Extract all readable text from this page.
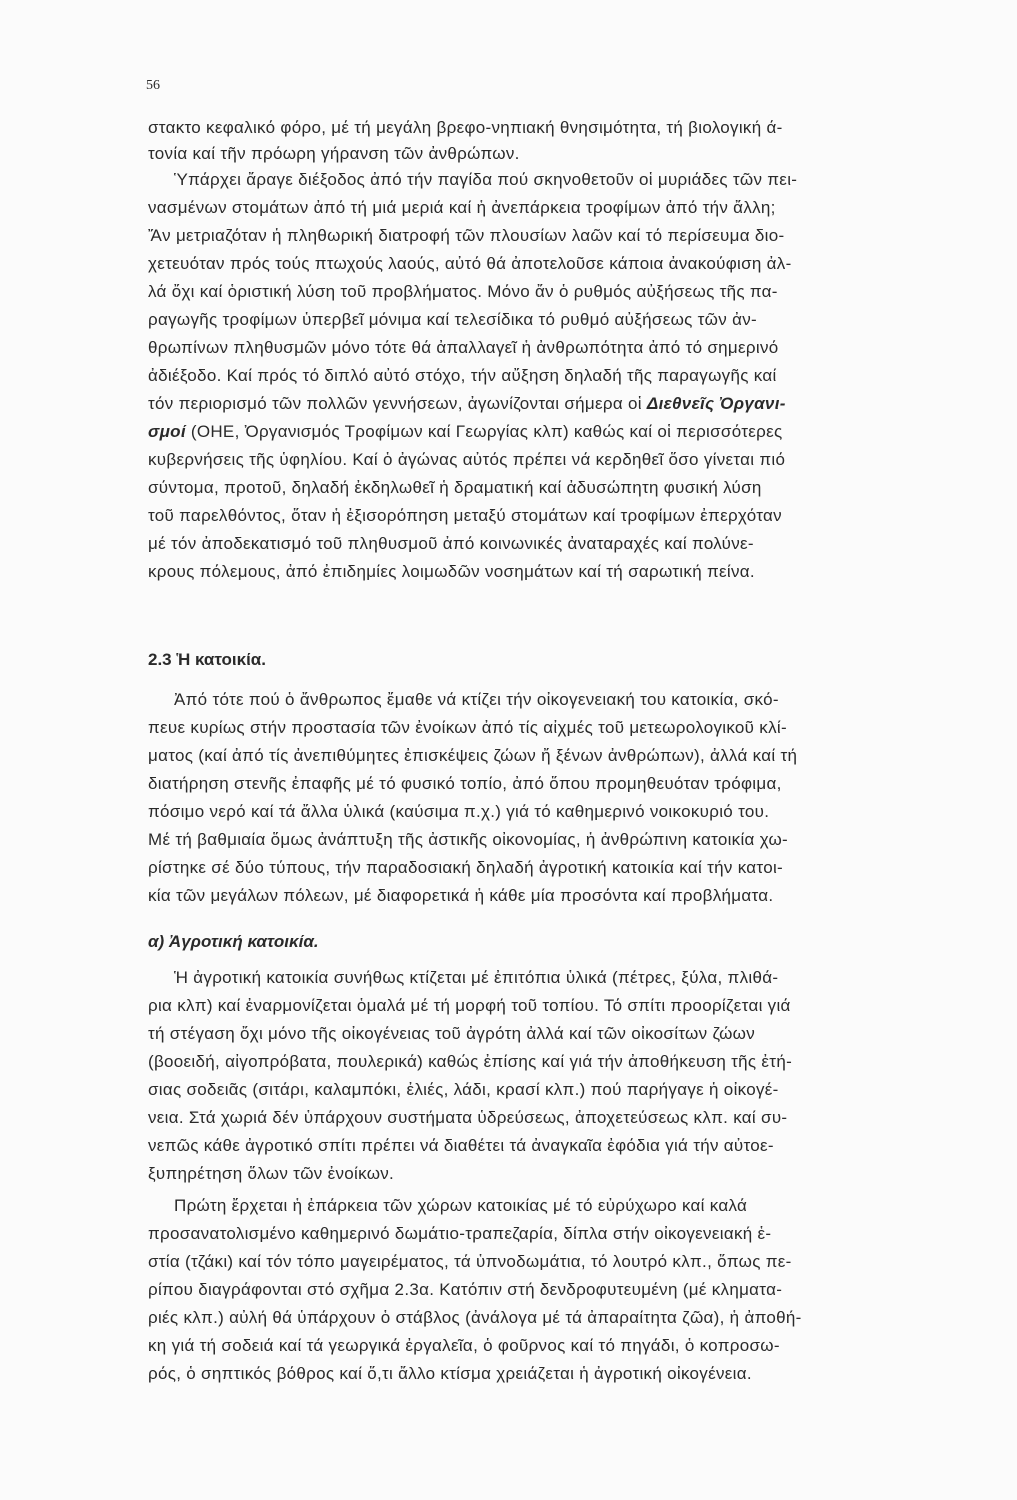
56
στακτο κεφαλικό φόρο, μέ τή μεγάλη βρεφο-νηπιακή θνησιμότητα, τή βιολογική ά-
τονία καί τῆν πρόωρη γήρανση τῶν ἀνθρώπων.
Ὑπάρχει ἄραγε διέξοδος ἀπό τήν παγίδα πού σκηνοθετοῦν οἱ μυριάδες τῶν πει-
νασμένων στομάτων ἀπό τή μιά μεριά καί ἡ ἀνεπάρκεια τροφίμων ἀπό τήν ἄλλη;
Ἄν μετριαζόταν ἡ πληθωρική διατροφή τῶν πλουσίων λαῶν καί τό περίσευμα διο-
χετευόταν πρός τούς πτωχούς λαούς, αὐτό θά ἀποτελοῦσε κάποια ἀνακούφιση ἀλ-
λά ὄχι καί ὁριστική λύση τοῦ προβλήματος. Μόνο ἄν ὁ ρυθμός αὐξήσεως τῆς πα-
ραγωγῆς τροφίμων ὑπερβεῖ μόνιμα καί τελεσίδικα τό ρυθμό αὐξήσεως τῶν ἀν-
θρωπίνων πληθυσμῶν μόνο τότε θά ἀπαλλαγεῖ ἡ ἀνθρωπότητα ἀπό τό σημερινό
ἀδιέξοδο. Καί πρός τό διπλό αὐτό στόχο, τήν αὔξηση δηλαδή τῆς παραγωγῆς καί
τόν περιορισμό τῶν πολλῶν γεννήσεων, ἀγωνίζονται σήμερα οἱ Διεθνεῖς Ὀργανι-
σμοί (ΟΗΕ, Ὀργανισμός Τροφίμων καί Γεωργίας κλπ) καθώς καί οἱ περισσότερες
κυβερνήσεις τῆς ὑφηλίου. Καί ὁ ἀγώνας αὐτός πρέπει νά κερδηθεῖ ὅσο γίνεται πιό
σύντομα, προτοῦ, δηλαδή ἐκδηλωθεῖ ἡ δραματική καί ἀδυσώπητη φυσική λύση
τοῦ παρελθόντος, ὅταν ἡ ἐξισορόπηση μεταξύ στομάτων καί τροφίμων ἐπερχόταν
μέ τόν ἀποδεκατισμό τοῦ πληθυσμοῦ ἀπό κοινωνικές ἀναταραχές καί πολύνε-
κρους πόλεμους, ἀπό ἐπιδημίες λοιμωδῶν νοσημάτων καί τή σαρωτική πείνα.
2.3 Ἡ κατοικία.
Ἀπό τότε πού ὁ ἄνθρωπος ἔμαθε νά κτίζει τήν οἰκογενειακή του κατοικία, σκό-
πευε κυρίως στήν προστασία τῶν ἐνοίκων ἀπό τίς αἰχμές τοῦ μετεωρολογικοῦ κλί-
ματος (καί ἀπό τίς ἀνεπιθύμητες ἐπισκέψεις ζώων ἤ ξένων ἀνθρώπων), ἀλλά καί τή
διατήρηση στενῆς ἐπαφῆς μέ τό φυσικό τοπίο, ἀπό ὅπου προμηθευόταν τρόφιμα,
πόσιμο νερό καί τά ἄλλα ὑλικά (καύσιμα π.χ.) γιά τό καθημερινό νοικοκυριό του.
Μέ τή βαθμιαία ὅμως ἀνάπτυξη τῆς ἀστικῆς οἰκονομίας, ἡ ἀνθρώπινη κατοικία χω-
ρίστηκε σέ δύο τύπους, τήν παραδοσιακή δηλαδή ἀγροτική κατοικία καί τήν κατοι-
κία τῶν μεγάλων πόλεων, μέ διαφορετικά ἡ κάθε μία προσόντα καί προβλήματα.
α) Ἀγροτική κατοικία.
Ἡ ἀγροτική κατοικία συνήθως κτίζεται μέ ἐπιτόπια ὑλικά (πέτρες, ξύλα, πλιθά-
ρια κλπ) καί ἐναρμονίζεται ὁμαλά μέ τή μορφή τοῦ τοπίου. Τό σπίτι προορίζεται γιά
τή στέγαση ὄχι μόνο τῆς οἰκογένειας τοῦ ἀγρότη ἀλλά καί τῶν οἰκοσίτων ζώων
(βοοειδή, αἰγοπρόβατα, πουλερικά) καθώς ἐπίσης καί γιά τήν ἀποθήκευση τῆς ἐτή-
σιας σοδειᾶς (σιτάρι, καλαμπόκι, ἐλιές, λάδι, κρασί κλπ.) πού παρήγαγε ἡ οἰκογέ-
νεια. Στά χωριά δέν ὑπάρχουν συστήματα ὑδρεύσεως, ἀποχετεύσεως κλπ. καί συ-
νεπῶς κάθε ἀγροτικό σπίτι πρέπει νά διαθέτει τά ἀναγκαῖα ἐφόδια γιά τήν αὐτοε-
ξυπηρέτηση ὅλων τῶν ἐνοίκων.
Πρώτη ἔρχεται ἡ ἐπάρκεια τῶν χώρων κατοικίας μέ τό εὐρύχωρο καί καλά
προσανατολισμένο καθημερινό δωμάτιο-τραπεζαρία, δίπλα στήν οἰκογενειακή ἑ-
στία (τζάκι) καί τόν τόπο μαγειρέματος, τά ὑπνοδωμάτια, τό λουτρό κλπ., ὅπως πε-
ρίπου διαγράφονται στό σχῆμα 2.3α. Κατόπιν στή δενδροφυτευμένη (μέ κληματα-
ριές κλπ.) αὐλή θά ὑπάρχουν ὁ στάβλος (ἀνάλογα μέ τά ἀπαραίτητα ζῶα), ἡ ἀποθή-
κη γιά τή σοδειά καί τά γεωργικά ἐργαλεῖα, ὁ φοῦρνος καί τό πηγάδι, ὁ κοπροσω-
ρός, ὁ σηπτικός βόθρος καί ὅ,τι ἄλλο κτίσμα χρειάζεται ἡ ἀγροτική οἰκογένεια.
